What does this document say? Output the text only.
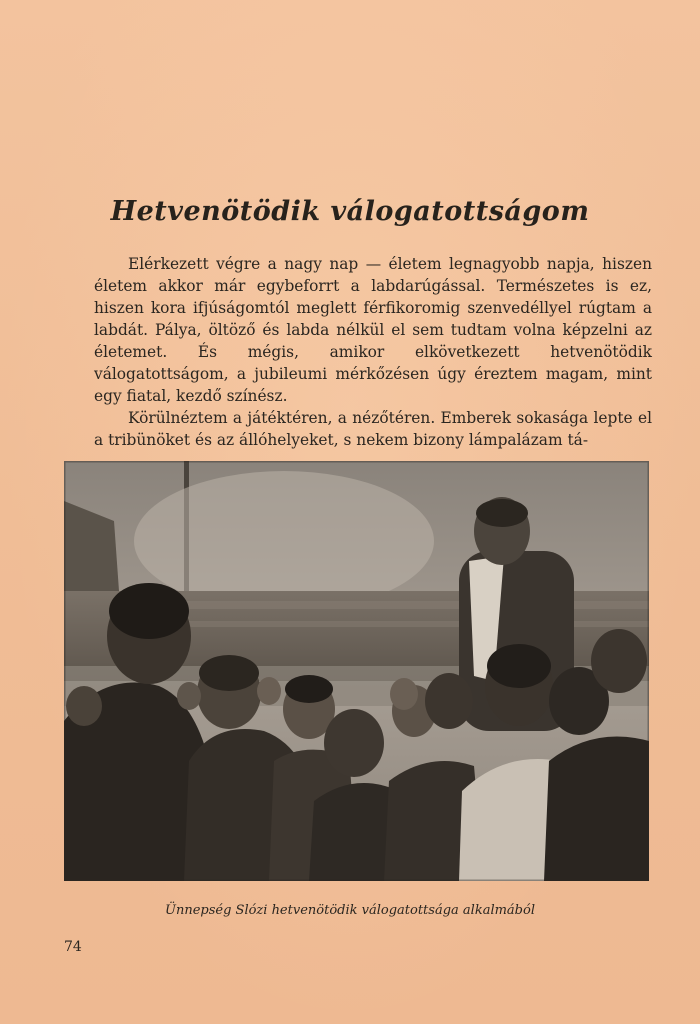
Hetvenötödik válogatottságom

Elérkezett végre a nagy nap — életem legnagyobb napja, hiszen életem akkor már egybeforrt a labdarúgással. Természetes is ez, hiszen kora ifjúságomtól meglett férfikoromig szenvedéllyel rúgtam a labdát. Pálya, öltöző és labda nélkül el sem tudtam volna képzelni az életemet. És mégis, amikor elkövetkezett hetvenötödik válogatottságom, a jubileumi mérkőzésen úgy éreztem magam, mint egy fiatal, kezdő színész.

Körülnéztem a játéktéren, a nézőtéren. Emberek sokasága lepte el a tribünöket és az állóhelyeket, s nekem bizony lámpalázam tá-

Ünnepség Slózi hetvenötödik válogatottsága alkalmából
74
